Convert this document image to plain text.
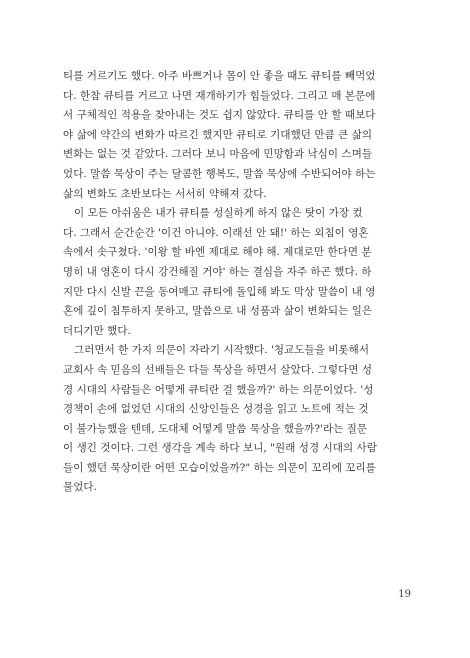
티를 거르기도 했다. 아주 바쁘거나 몸이 안 좋을 때도 큐티를 빼먹었
다. 한참 큐티를 거르고 나면 재개하기가 힘들었다. 그리고 매 본문에
서 구체적인 적용을 찾아내는 것도 쉽지 않았다. 큐티를 안 할 때보다
야 삶에 약간의 변화가 따르긴 했지만 큐티로 기대했던 만큼 큰 삶의
변화는 없는 것 같았다. 그러다 보니 마음에 민망함과 낙심이 스며들
었다. 말씀 묵상이 주는 달콤한 행복도, 말씀 묵상에 수반되어야 하는
삶의 변화도 초반보다는 서서히 약해져 갔다.
이 모든 아쉬움은 내가 큐티를 성실하게 하지 않은 탓이 가장 컸
다. 그래서 순간순간 '이건 아니야. 이래선 안 돼!' 하는 외침이 영혼
속에서 솟구쳤다. '이왕 할 바엔 제대로 해야 해. 제대로만 한다면 분
명히 내 영혼이 다시 강건해질 거야' 하는 결심을 자주 하곤 했다. 하
지만 다시 신발 끈을 동여매고 큐티에 돌입해 봐도 막상 말씀이 내 영
혼에 깊이 침투하지 못하고, 말씀으로 내 성품과 삶이 변화되는 일은
더디기만 했다.
그러면서 한 가지 의문이 자라기 시작했다. '청교도들을 비롯해서
교회사 속 믿음의 선배들은 다들 묵상을 하면서 살았다. 그렇다면 성
경 시대의 사람들은 어떻게 큐티란 걸 했을까?' 하는 의문이었다. '성
경책이 손에 없었던 시대의 신앙인들은 성경을 읽고 노트에 적는 것
이 불가능했을 텐데, 도대체 어떻게 말씀 묵상을 했을까?'라는 질문
이 생긴 것이다. 그런 생각을 계속 하다 보니, "원래 성경 시대의 사람
들이 했던 묵상이란 어떤 모습이었을까?" 하는 의문이 꼬리에 꼬리를
물었다.
19
